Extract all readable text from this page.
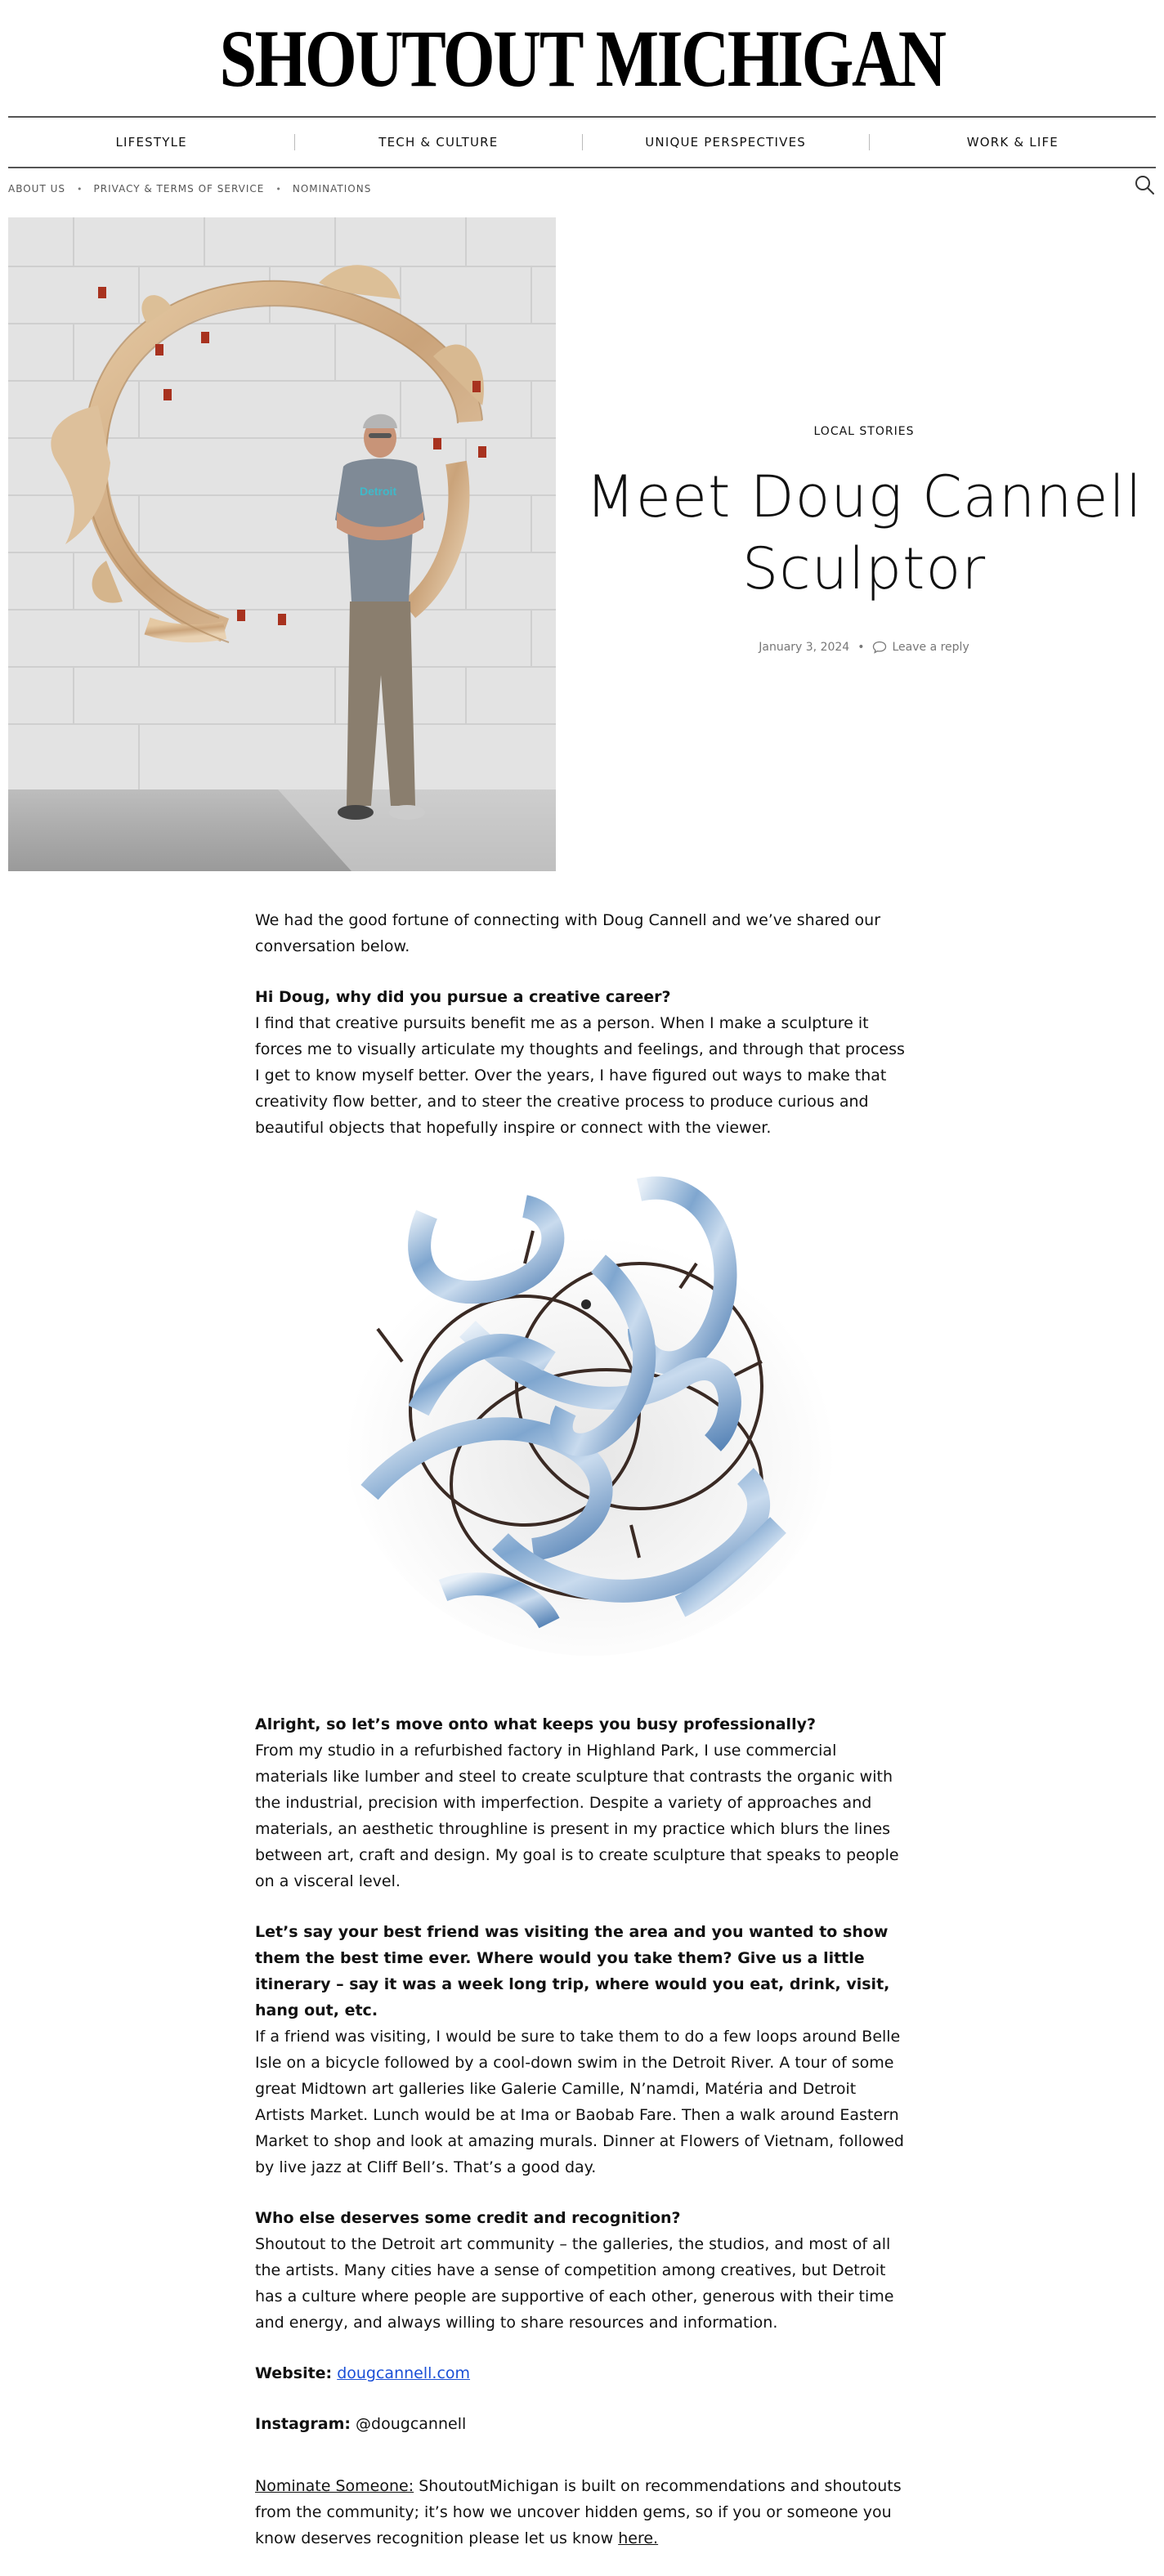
SHOUTOUT MICHIGAN
LIFESTYLE	TECH & CULTURE	UNIQUE PERSPECTIVES	WORK & LIFE
ABOUT US • PRIVACY & TERMS OF SERVICE • NOMINATIONS
Detroit
LOCAL STORIES
Meet Doug Cannell
Sculptor
January 3, 2024 • Leave a reply

We had the good fortune of connecting with Doug Cannell and we’ve shared our conversation below.

Hi Doug, why did you pursue a creative career?
I find that creative pursuits benefit me as a person. When I make a sculpture it forces me to visually articulate my thoughts and feelings, and through that process I get to know myself better. Over the years, I have figured out ways to make that creativity flow better, and to steer the creative process to produce curious and beautiful objects that hopefully inspire or connect with the viewer.

Alright, so let’s move onto what keeps you busy professionally?
From my studio in a refurbished factory in Highland Park, I use commercial materials like lumber and steel to create sculpture that contrasts the organic with the industrial, precision with imperfection. Despite a variety of approaches and materials, an aesthetic throughline is present in my practice which blurs the lines between art, craft and design. My goal is to create sculpture that speaks to people on a visceral level.

Let’s say your best friend was visiting the area and you wanted to show them the best time ever. Where would you take them? Give us a little itinerary – say it was a week long trip, where would you eat, drink, visit, hang out, etc.
If a friend was visiting, I would be sure to take them to do a few loops around Belle Isle on a bicycle followed by a cool-down swim in the Detroit River. A tour of some great Midtown art galleries like Galerie Camille, N’namdi, Matéria and Detroit Artists Market. Lunch would be at Ima or Baobab Fare. Then a walk around Eastern Market to shop and look at amazing murals. Dinner at Flowers of Vietnam, followed by live jazz at Cliff Bell’s. That’s a good day.

Who else deserves some credit and recognition?
Shoutout to the Detroit art community – the galleries, the studios, and most of all the artists. Many cities have a sense of competition among creatives, but Detroit has a culture where people are supportive of each other, generous with their time and energy, and always willing to share resources and information.

Website: dougcannell.com

Instagram: @dougcannell

Nominate Someone: ShoutoutMichigan is built on recommendations and shoutouts from the community; it’s how we uncover hidden gems, so if you or someone you know deserves recognition please let us know here.
